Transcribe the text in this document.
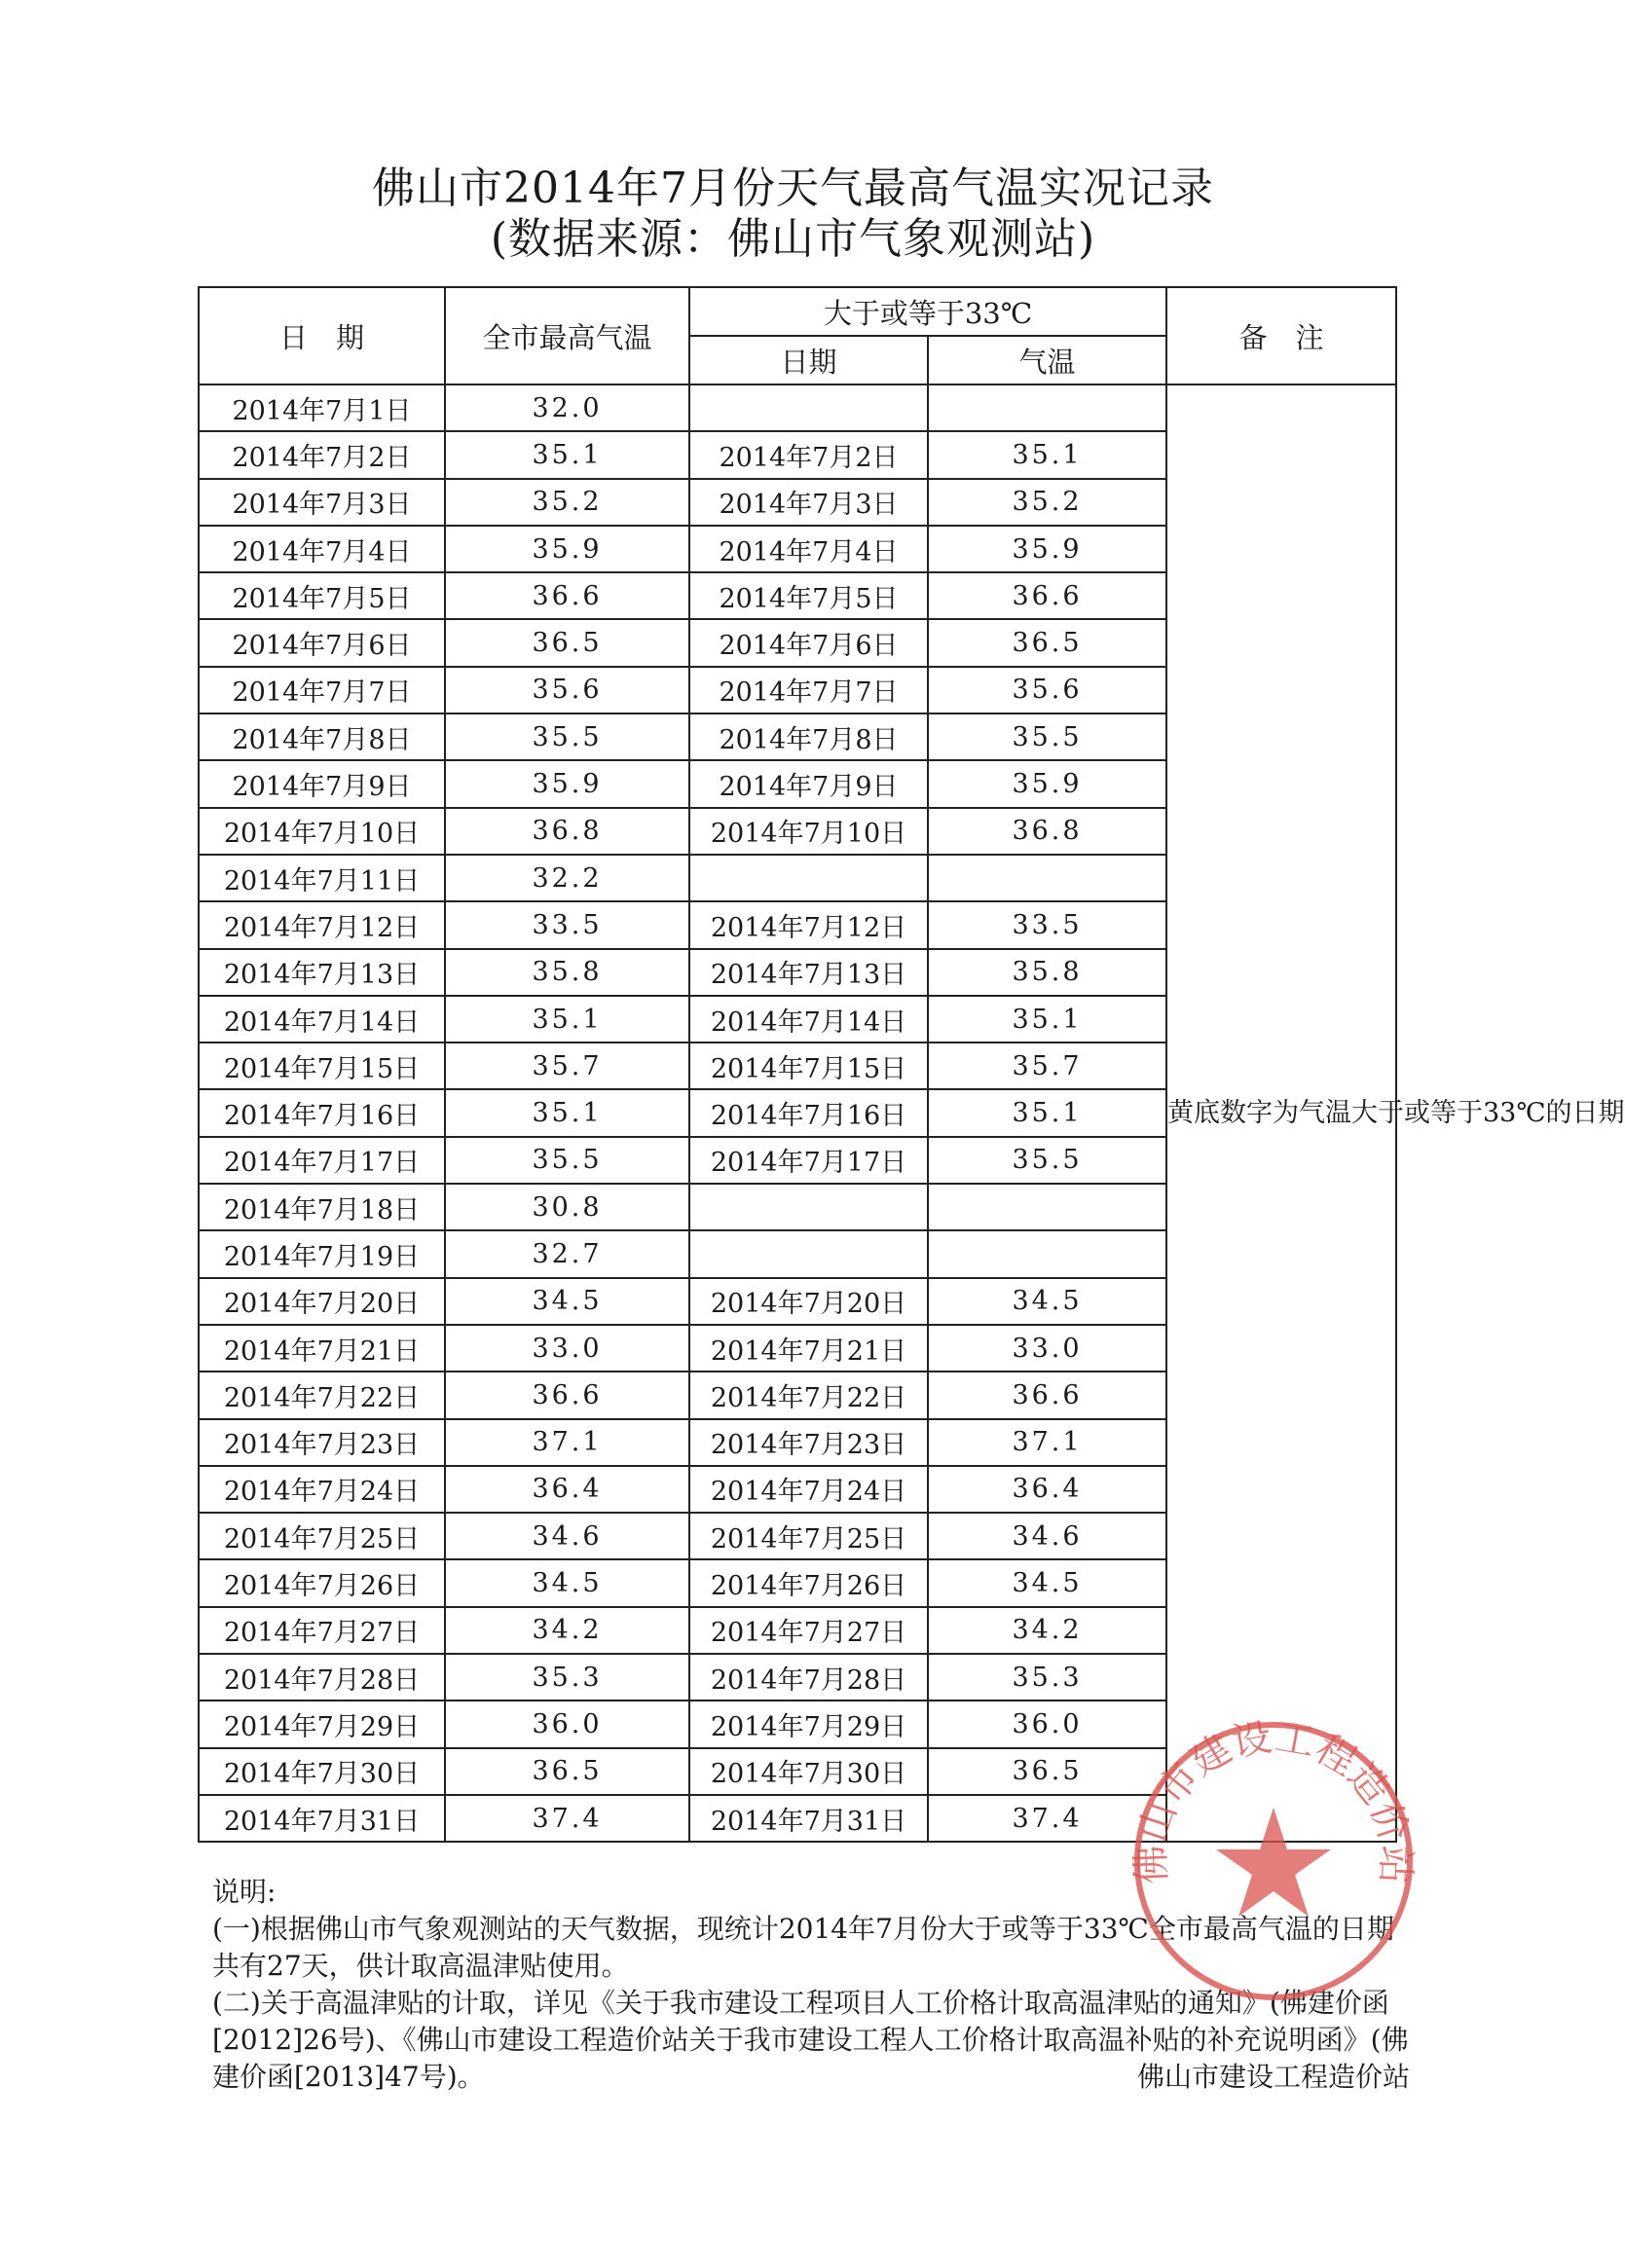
佛山市2014年7月份天气最高气温实况记录
(数据来源：佛山市气象观测站)
日　期	全市最高气温	大于或等于33℃		备　注
		日期	气温	
2014年7月1日	32.0			黄底数字为气温大于或等于33℃的日期
2014年7月2日	35.1	2014年7月2日	35.1	
2014年7月3日	35.2	2014年7月3日	35.2	
2014年7月4日	35.9	2014年7月4日	35.9	
2014年7月5日	36.6	2014年7月5日	36.6	
2014年7月6日	36.5	2014年7月6日	36.5	
2014年7月7日	35.6	2014年7月7日	35.6	
2014年7月8日	35.5	2014年7月8日	35.5	
2014年7月9日	35.9	2014年7月9日	35.9	
2014年7月10日	36.8	2014年7月10日	36.8	
2014年7月11日	32.2			
2014年7月12日	33.5	2014年7月12日	33.5	
2014年7月13日	35.8	2014年7月13日	35.8	
2014年7月14日	35.1	2014年7月14日	35.1	
2014年7月15日	35.7	2014年7月15日	35.7	
2014年7月16日	35.1	2014年7月16日	35.1	
2014年7月17日	35.5	2014年7月17日	35.5	
2014年7月18日	30.8			
2014年7月19日	32.7			
2014年7月20日	34.5	2014年7月20日	34.5	
2014年7月21日	33.0	2014年7月21日	33.0	
2014年7月22日	36.6	2014年7月22日	36.6	
2014年7月23日	37.1	2014年7月23日	37.1	
2014年7月24日	36.4	2014年7月24日	36.4	
2014年7月25日	34.6	2014年7月25日	34.6	
2014年7月26日	34.5	2014年7月26日	34.5	
2014年7月27日	34.2	2014年7月27日	34.2	
2014年7月28日	35.3	2014年7月28日	35.3	
2014年7月29日	36.0	2014年7月29日	36.0	
2014年7月30日	36.5	2014年7月30日	36.5	
2014年7月31日	37.4	2014年7月31日	37.4	

说明:

(一)根据佛山市气象观测站的天气数据，现统计2014年7月份大于或等于33℃全市最高气温的日期共有27天，供计取高温津贴使用。

(二)关于高温津贴的计取，详见《关于我市建设工程项目人工价格计取高温津贴的通知》(佛建价函[2012]26号)、《佛山市建设工程造价站关于我市建设工程人工价格计取高温补贴的补充说明函》(佛建价函[2013]47号)。	佛山市建设工程造价站
佛山市建设工程造价站
